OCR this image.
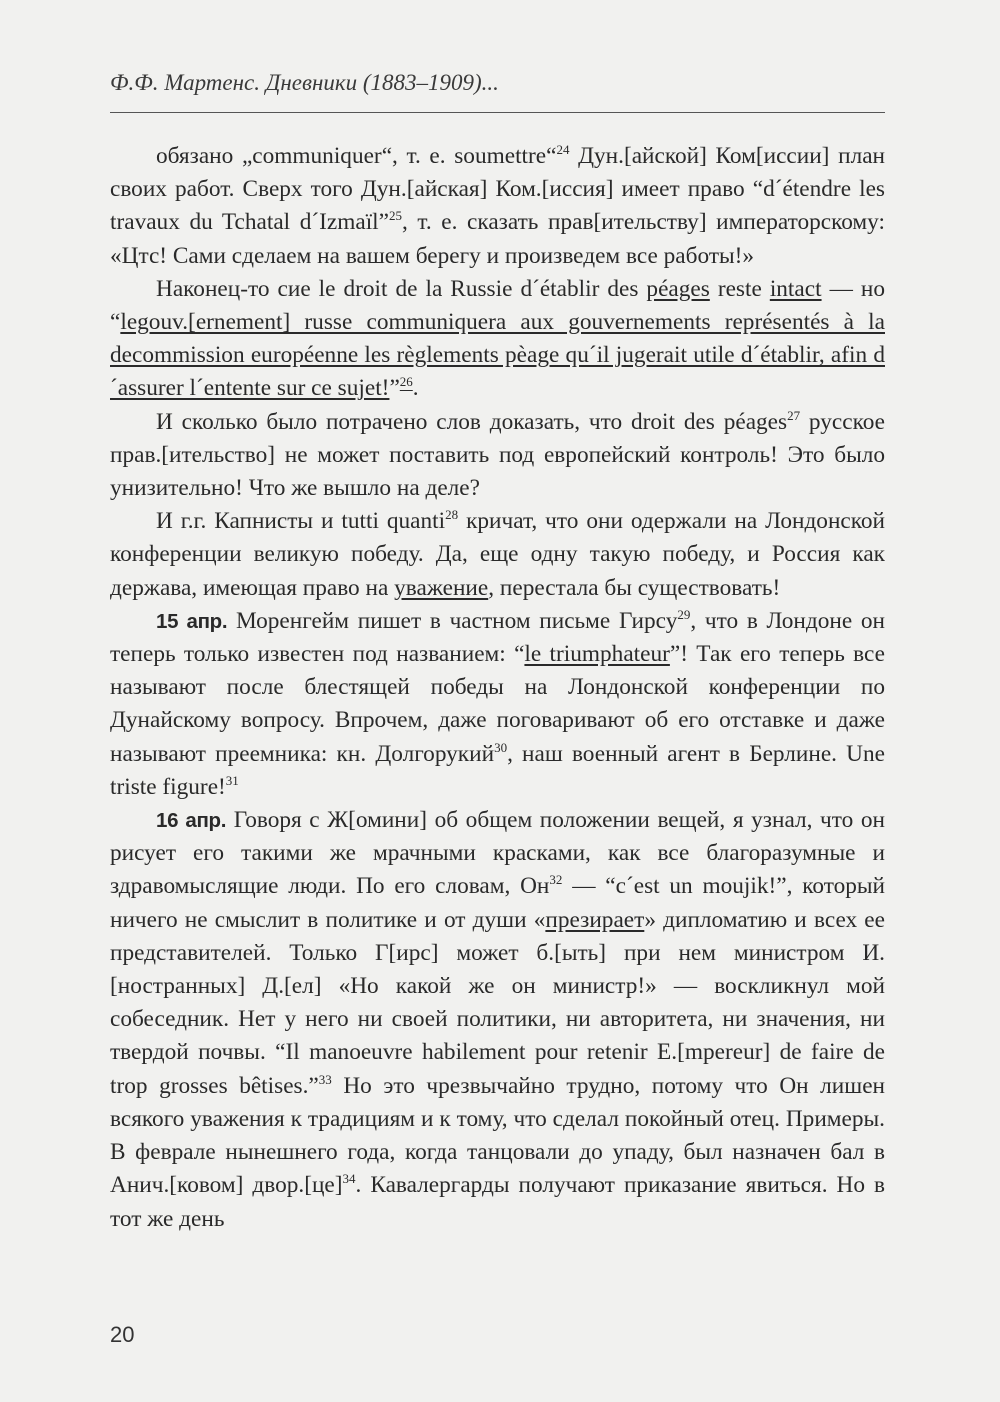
Ф.Ф. Мартенс. Дневники (1883–1909)...

обязано „communiquer“, т. е. soumettre“$^{24}$ Дун.[айской] Ком[иссии] план своих работ. Сверх того Дун.[айская] Ком.[иссия] имеет право “d´étendre les travaux du Tchatal d´Izmaïl”$^{25}$, т. е. сказать прав[ительству] императорскому: «Цтс! Сами сделаем на вашем берегу и произведем все работы!»

Наконец-то сие le droit de la Russie d´établir des péages reste intact — но “legouv.[ernement] russe communiquera aux gouvernements représentés à la decommission européenne les règlements pèage qu´il jugerait utile d´établir, afin d´assurer l´entente sur ce sujet!”$^{26}$.

И сколько было потрачено слов доказать, что droit des péages$^{27}$ русское прав.[ительство] не может поставить под европейский контроль! Это было унизительно! Что же вышло на деле?

И г.г. Капнисты и tutti quanti$^{28}$ кричат, что они одержали на Лондонской конференции великую победу. Да, еще одну такую победу, и Россия как держава, имеющая право на уважение, перестала бы существовать!

15 апр. Моренгейм пишет в частном письме Гирсу$^{29}$, что в Лондоне он теперь только известен под названием: “le triumphateur”! Так его теперь все называют после блестящей победы на Лондонской конференции по Дунайскому вопросу. Впрочем, даже поговаривают об его отставке и даже называют преемника: кн. Долгорукий$^{30}$, наш военный агент в Берлине. Une triste figure!$^{31}$

16 апр. Говоря с Ж[омини] об общем положении вещей, я узнал, что он рисует его такими же мрачными красками, как все благоразумные и здравомыслящие люди. По его словам, $Он^{32}$ — “c´est un moujik!”, который ничего не смыслит в политике и от души «презирает» дипломатию и всех ее представителей. Только Г[ирс] может б.[ыть] при нем министром И.[ностранных] Д.[ел] «Но какой же он министр!» — воскликнул мой собеседник. Нет у него ни своей политики, ни авторитета, ни значения, ни твердой почвы. “Il manoeuvre habilement pour retenir E.[mpereur] de faire de trop grosses bêtises.”$^{33}$ Но это чрезвычайно трудно, потому что Он лишен всякого уважения к традициям и к тому, что сделал покойный отец. Примеры. В феврале нынешнего года, когда танцовали до упаду, был назначен бал в Анич.[ковом] двор.[це]$^{34}$. Кавалергарды получают приказание явиться. Но в тот же день

20
